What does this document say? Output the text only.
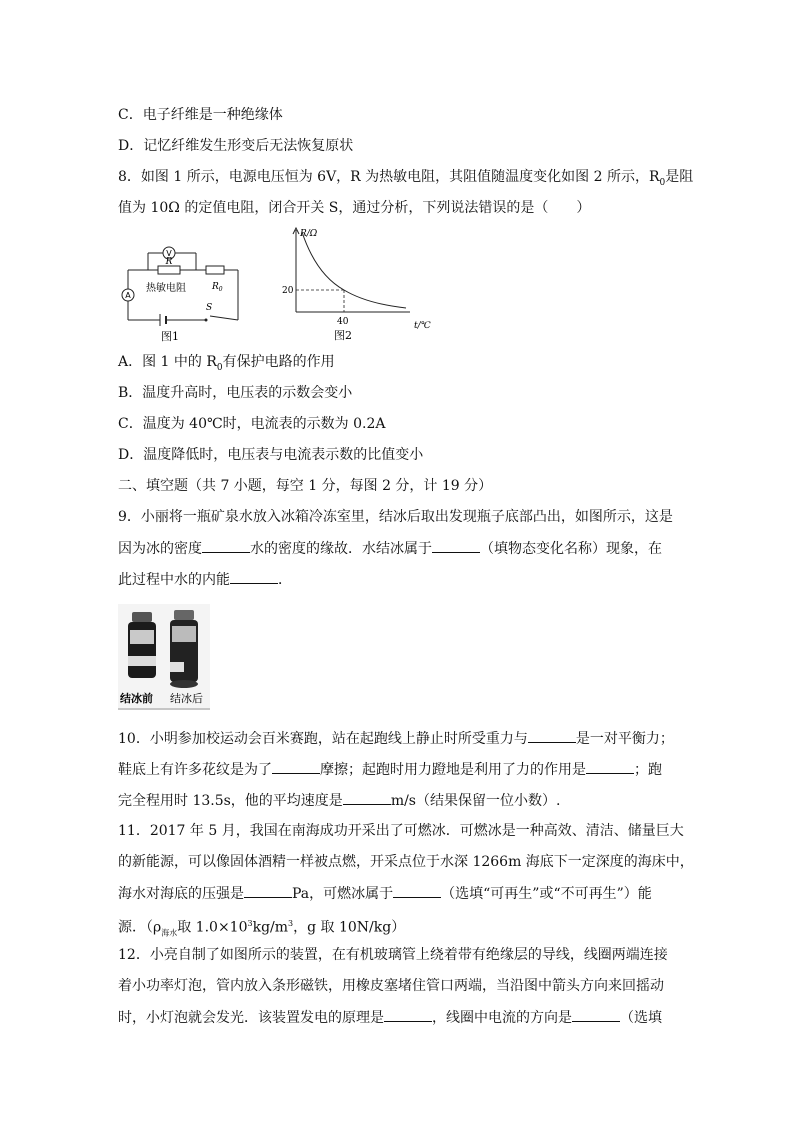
C．电子纤维是一种绝缘体
D．记忆纤维发生形变后无法恢复原状
8．如图 1 所示，电源电压恒为 6V，R 为热敏电阻，其阻值随温度变化如图 2 所示，$R_0$是阻
值为 10Ω 的定值电阻，闭合开关 S，通过分析，下列说法错误的是（　　）
V
A
R
$R_0$
热敏电阻
S
图1
R/Ω
t/℃
20
40
图2
A．图 1 中的 $R_0$有保护电路的作用
B．温度升高时，电压表的示数会变小
C．温度为 40℃时，电流表的示数为 0.2A
D．温度降低时，电压表与电流表示数的比值变小
二、填空题（共 7 小题，每空 1 分，每图 2 分，计 19 分）
9．小丽将一瓶矿泉水放入冰箱冷冻室里，结冰后取出发现瓶子底部凸出，如图所示，这是
因为冰的密度	水的密度的缘故．水结冰属于	（填物态变化名称）现象，在
此过程中水的内能	．
结冰前 结冰后
10．小明参加校运动会百米赛跑，站在起跑线上静止时所受重力与	是一对平衡力；
鞋底上有许多花纹是为了	摩擦；起跑时用力蹬地是利用了力的作用是	；跑
完全程用时 13.5s，他的平均速度是	m/s（结果保留一位小数）.
11．2017 年 5 月，我国在南海成功开采出了可燃冰．可燃冰是一种高效、清洁、储量巨大
的新能源，可以像固体酒精一样被点燃，开采点位于水深 1266m 海底下一定深度的海床中，
海水对海底的压强是	Pa，可燃冰属于	（选填“可再生”或“不可再生”）能
源．（$\rho_{海水}$取 $1.0\times 10^3kg/m^3$，g 取 10N/kg）
12．小亮自制了如图所示的装置，在有机玻璃管上绕着带有绝缘层的导线，线圈两端连接
着小功率灯泡，管内放入条形磁铁，用橡皮塞堵住管口两端，当沿图中箭头方向来回摇动
时，小灯泡就会发光．该装置发电的原理是	，线圈中电流的方向是	（选填
